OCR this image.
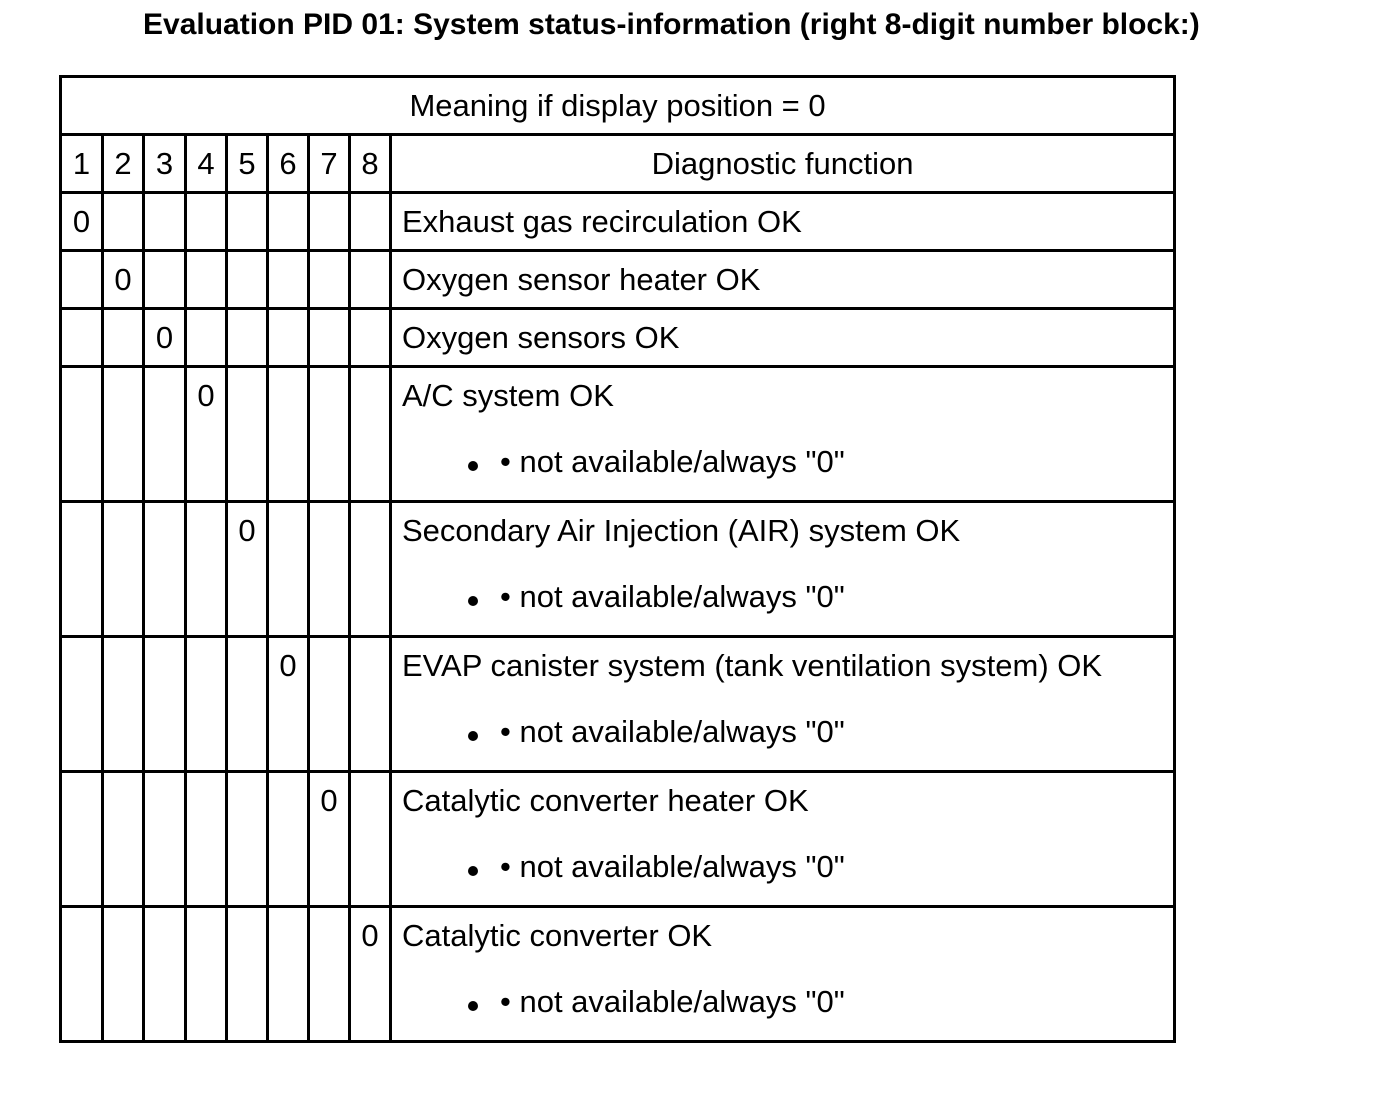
Evaluation PID 01: System status-information (right 8-digit number block:)
Meaning if display position = 0								
1	2	3	4	5	6	7	8	Diagnostic function

0								Exhaust gas recirculation OK

	0							Oxygen sensor heater OK

		0						Oxygen sensors OK

			0					A/C system OK
• not available/always "0"

				0				Secondary Air Injection (AIR) system OK
• not available/always "0"

					0			EVAP canister system (tank ventilation system) OK
• not available/always "0"

						0		Catalytic converter heater OK
• not available/always "0"

							0	Catalytic converter OK
• not available/always "0"
